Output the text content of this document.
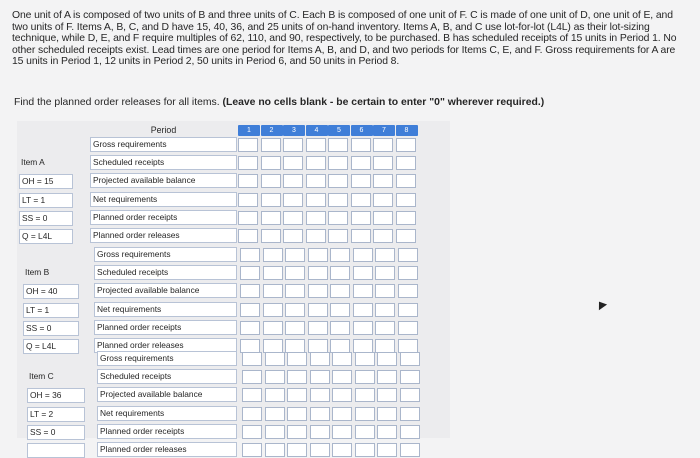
One unit of A is composed of two units of B and three units of C. Each B is composed of one unit of F. C is made of one unit of D, one unit of E, and two units of F. Items A, B, C, and D have 15, 40, 36, and 25 units of on-hand inventory. Items A, B, and C use lot-for-lot (L4L) as their lot-sizing technique, while D, E, and F require multiples of 62, 110, and 90, respectively, to be purchased. B has scheduled receipts of 15 units in Period 1. No other scheduled receipts exist. Lead times are one period for Items A, B, and D, and two periods for Items C, E, and F. Gross requirements for A are 15 units in Period 1, 12 units in Period 2, 50 units in Period 6, and 50 units in Period 8.
Find the planned order releases for all items. (Leave no cells blank - be certain to enter "0" wherever required.)
Period	1	2	3	4	5	6	7	8
Gross requirements
Scheduled receipts
Item A
Projected available balance
OH = 15
Net requirements
LT = 1
Planned order receipts
SS = 0
Planned order releases
Q = L4L
Gross requirements
Scheduled receipts
Item B
Projected available balance
OH = 40
Net requirements
LT = 1
Planned order receipts
SS = 0
Planned order releases
Q = L4L
Gross requirements
Scheduled receipts
Item C
Projected available balance
OH = 36
Net requirements
LT = 2
Planned order receipts
SS = 0
Planned order releases
